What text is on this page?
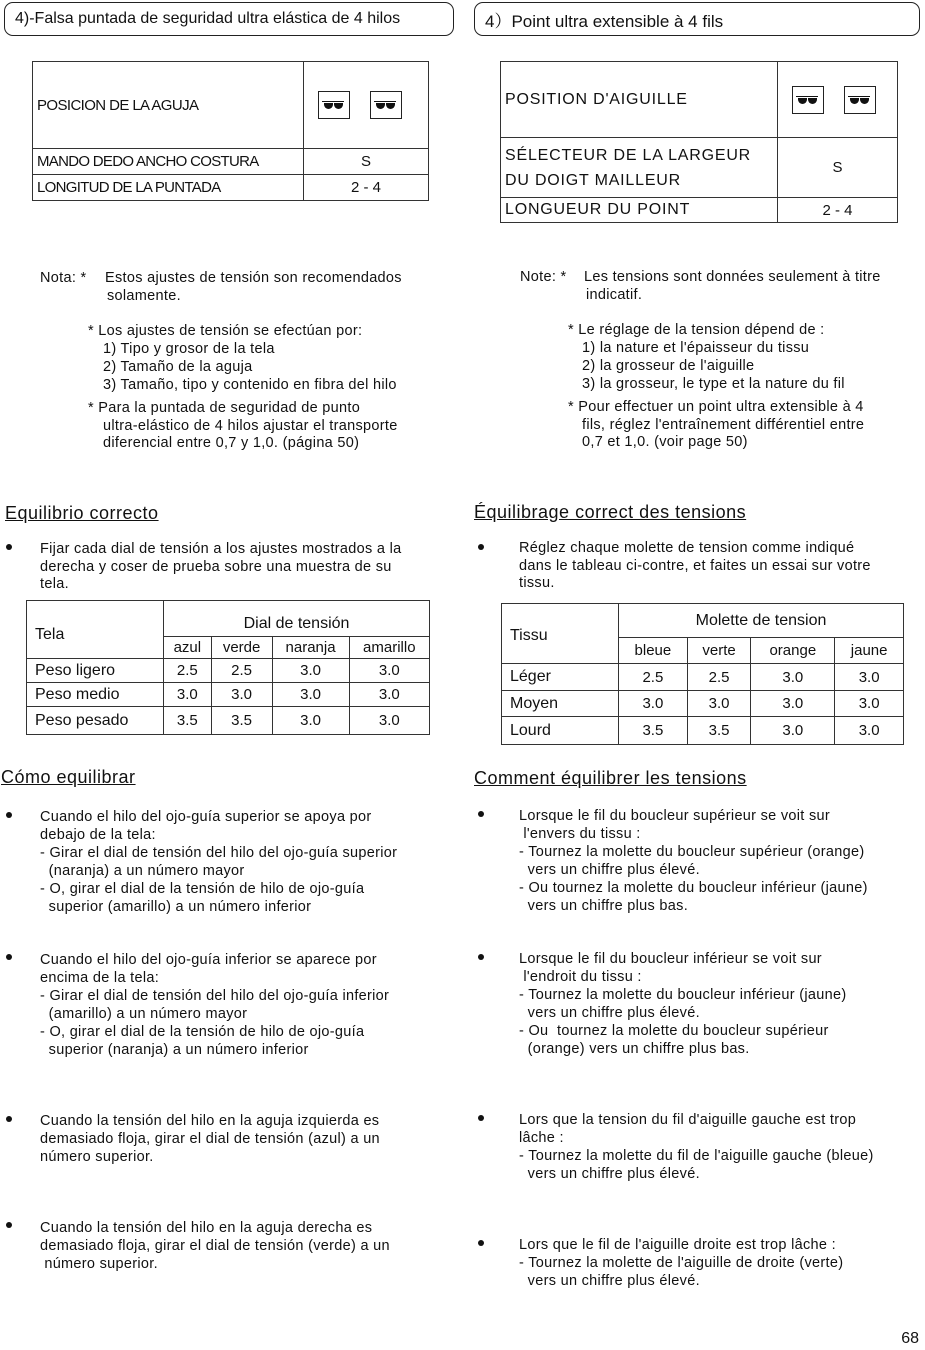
4)-Falsa puntada de seguridad ultra elástica de 4 hilos	4）Point ultra extensible à 4 fils
POSICION DE LA AGUJA	

MANDO DEDO ANCHO COSTURA	S
LONGITUD DE LA PUNTADA	2 - 4
POSITION D'AIGUILLE	

SÉLECTEUR DE LA LARGEUR
DU DOIGT MAILLEUR	S
LONGUEUR DU POINT	2 - 4
Nota: * Estos ajustes de tensión son recomendados
solamente.
* Los ajustes de tensión se efectúan por:
1) Tipo y grosor de la tela
2) Tamaño de la aguja
3) Tamaño, tipo y contenido en fibra del hilo
* Para la puntada de seguridad de punto
ultra-elástico de 4 hilos ajustar el transporte
diferencial entre 0,7 y 1,0. (página 50)
Note: * Les tensions sont données seulement à titre
indicatif.
* Le réglage de la tension dépend de :
1) la nature et l'épaisseur du tissu
2) la grosseur de l'aiguille
3) la grosseur, le type et la nature du fil
* Pour effectuer un point ultra extensible à 4
fils, réglez l'entraînement différentiel entre
0,7 et 1,0. (voir page 50)
Equilibrio correcto
Fijar cada dial de tensión a los ajustes mostrados a la
derecha y coser de prueba sobre una muestra de su
tela.
Tela	Dial de tensión			
	azul	verde	naranja	amarillo
Peso ligero	2.5	2.5	3.0	3.0
Peso medio	3.0	3.0	3.0	3.0
Peso pesado	3.5	3.5	3.0	3.0
Équilibrage correct des tensions
Réglez chaque molette de tension comme indiqué
dans le tableau ci-contre, et faites un essai sur votre
tissu.
Tissu	Molette de tension			
	bleue	verte	orange	jaune
Léger	2.5	2.5	3.0	3.0
Moyen	3.0	3.0	3.0	3.0
Lourd	3.5	3.5	3.0	3.0
Cómo equilibrar
Cuando el hilo del ojo-guía superior se apoya por
debajo de la tela:
- Girar el dial de tensión del hilo del ojo-guía superior
(naranja) a un número mayor
- O, girar el dial de la tensión de hilo de ojo-guía
superior (amarillo) a un número inferior
Cuando el hilo del ojo-guía inferior se aparece por
encima de la tela:
- Girar el dial de tensión del hilo del ojo-guía inferior
(amarillo) a un número mayor
- O, girar el dial de la tensión de hilo de ojo-guía
superior (naranja) a un número inferior
Cuando la tensión del hilo en la aguja izquierda es
demasiado floja, girar el dial de tensión (azul) a un
número superior.
Cuando la tensión del hilo en la aguja derecha es
demasiado floja, girar el dial de tensión (verde) a un
número superior.
Comment équilibrer les tensions
Lorsque le fil du boucleur supérieur se voit sur
l'envers du tissu :
- Tournez la molette du boucleur supérieur (orange)
vers un chiffre plus élevé.
- Ou tournez la molette du boucleur inférieur (jaune)
vers un chiffre plus bas.
Lorsque le fil du boucleur inférieur se voit sur
l'endroit du tissu :
- Tournez la molette du boucleur inférieur (jaune)
vers un chiffre plus élevé.
- Ou  tournez la molette du boucleur supérieur
(orange) vers un chiffre plus bas.
Lors que la tension du fil d'aiguille gauche est trop
lâche :
- Tournez la molette du fil de l'aiguille gauche (bleue)
vers un chiffre plus élevé.
Lors que le fil de l'aiguille droite est trop lâche :
- Tournez la molette de l'aiguille de droite (verte)
vers un chiffre plus élevé.
68
